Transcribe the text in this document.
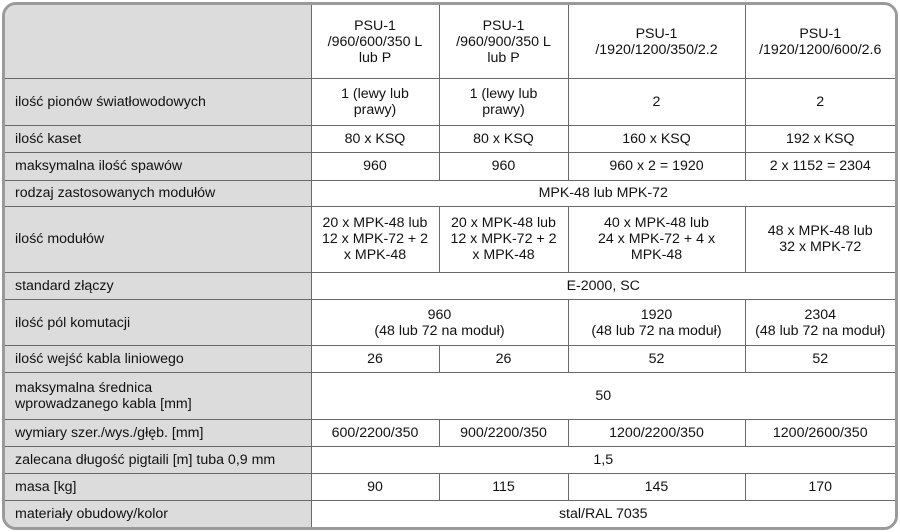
	PSU-1
/960/600/350 L
lub P	PSU-1
/960/900/350 L
lub P	PSU-1
/1920/1200/350/2.2	PSU-1
/1920/1200/600/2.6
ilość pionów światłowodowych	1 (lewy lub
prawy)	1 (lewy lub
prawy)	2	2
ilość kaset	80 x KSQ	80 x KSQ	160 x KSQ	192 x KSQ
maksymalna ilość spawów	960	960	960 x 2 = 1920	2 x 1152 = 2304
rodzaj zastosowanych modułów	MPK-48 lub MPK-72			
ilość modułów	20 x MPK-48 lub
12 x MPK-72 + 2
x MPK-48	20 x MPK-48 lub
12 x MPK-72 + 2
x MPK-48	40 x MPK-48 lub
24 x MPK-72 + 4 x
MPK-48	48 x MPK-48 lub
32 x MPK-72
standard złączy	E-2000, SC			
ilość pól komutacji	960
(48 lub 72 na moduł)		1920
(48 lub 72 na moduł)	2304
(48 lub 72 na moduł)
ilość wejść kabla liniowego	26	26	52	52
maksymalna średnica
wprowadzanego kabla [mm]	50			
wymiary szer./wys./głęb. [mm]	600/2200/350	900/2200/350	1200/2200/350	1200/2600/350
zalecana długość pigtaili [m] tuba 0,9 mm	1,5			
masa [kg]	90	115	145	170
materiały obudowy/kolor	stal/RAL 7035			
